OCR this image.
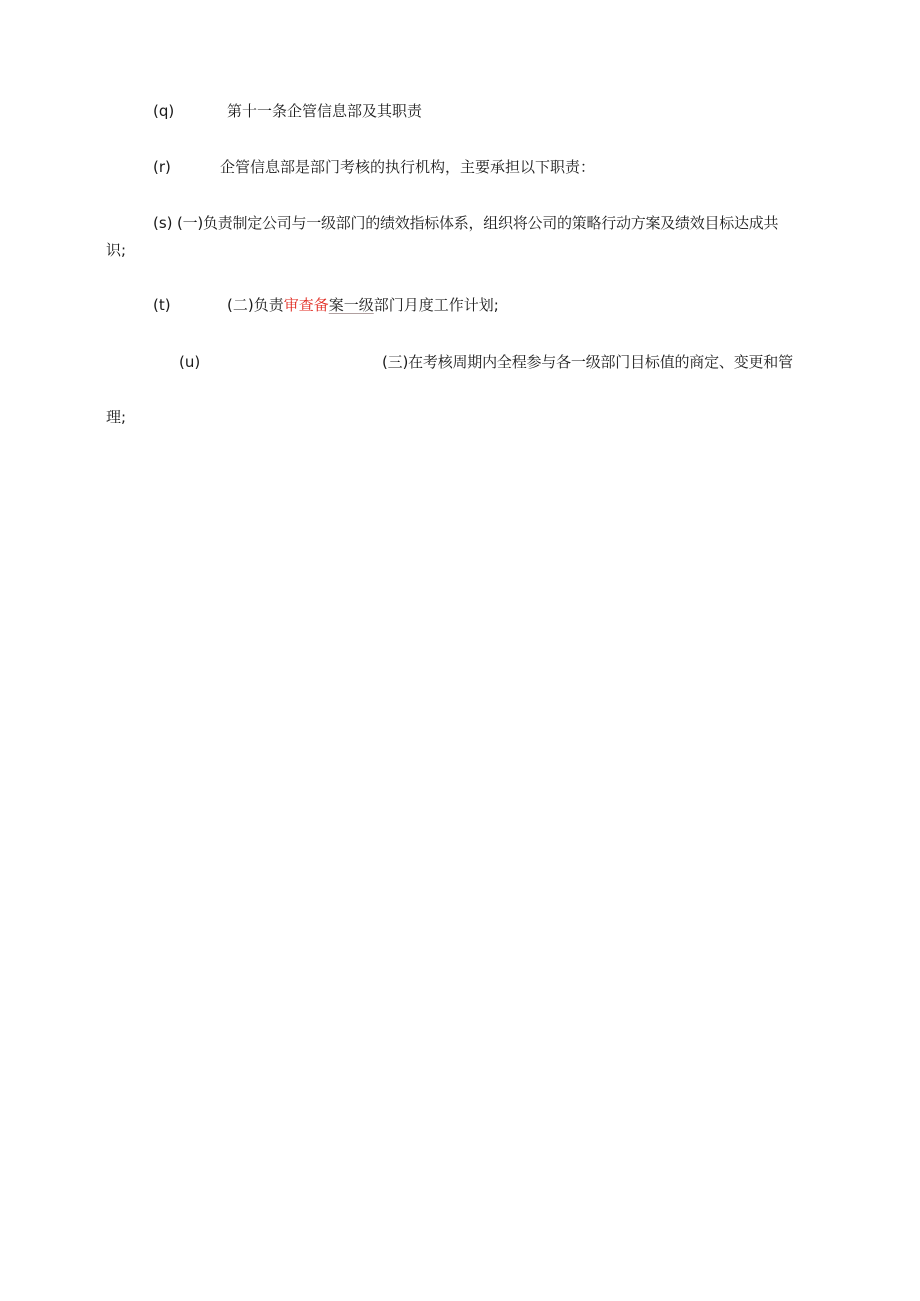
(q)	第十一条企管信息部及其职责
(r)	企管信息部是部门考核的执行机构，主要承担以下职责：
(s) (一)负责制定公司与一级部门的绩效指标体系，组织将公司的策略行动方案及绩效目标达成共
识;
(t)	(二)负责审查备案一级部门月度工作计划;
(u)	(三)在考核周期内全程参与各一级部门目标值的商定、变更和管
理;
